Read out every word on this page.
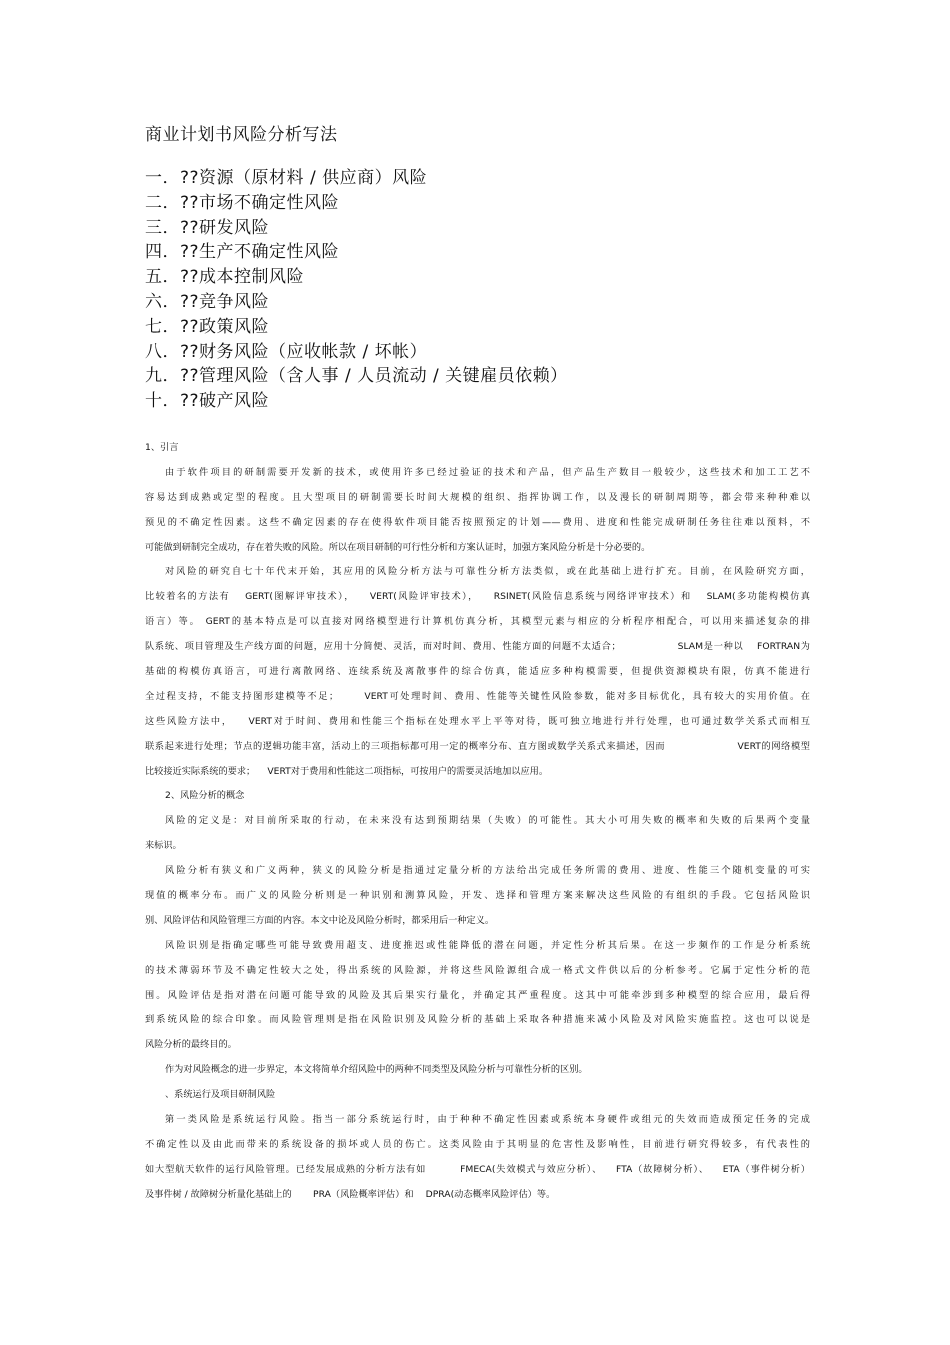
商业计划书风险分析写法
一．??资源（原材料 / 供应商）风险
二．??市场不确定性风险
三．??研发风险
四．??生产不确定性风险
五．??成本控制风险
六．??竞争风险
七．??政策风险
八．??财务风险（应收帐款 / 坏帐）
九．??管理风险（含人事 / 人员流动 / 关键雇员依赖）
十．??破产风险
1、引言
由于软件项目的研制需要开发新的技术，或使用许多已经过验证的技术和产品，但产品生产数目一般较少，这些技术和加工工艺不
容易达到成熟或定型的程度。且大型项目的研制需要长时间大规模的组织、指挥协调工作，以及漫长的研制周期等，都会带来种种难以
预见的不确定性因素。这些不确定因素的存在使得软件项目能否按照预定的计划——费用、进度和性能完成研制任务往往难以预料，不
可能做到研制完全成功，存在着失败的风险。所以在项目研制的可行性分析和方案认证时，加强方案风险分析是十分必要的。
对风险的研究自七十年代末开始，其应用的风险分析方法与可靠性分析方法类似，或在此基础上进行扩充。目前，在风险研究方面，
比较着名的方法有　 GERT(图解评审技术）， 　VERT(风险评审技术）， 　RSINET(风险信息系统与网络评审技术）和 　SLAM(多功能构模仿真
语言）等。 GERT的基本特点是可以直接对网络模型进行计算机仿真分析，其模型元素与相应的分析程序相配合，可以用来描述复杂的排
队系统、项目管理及生产线方面的问题，应用十分简便、灵活，而对时间、费用、性能方面的问题不太适合； 　　　　　 SLAM是一种以 　FORTRAN为
基础的构模仿真语言，可进行离散网络、连续系统及离散事件的综合仿真，能适应多种构模需要，但提供资源模块有限，仿真不能进行
全过程支持，不能支持图形建模等不足； 　　VERT可处理时间、费用、性能等关键性风险参数，能对多目标优化，具有较大的实用价值。在
这些风险方法中， 　VERT对于时间、费用和性能三个指标在处理水平上平等对待，既可独立地进行并行处理，也可通过数学关系式而相互
联系起来进行处理；节点的逻辑功能丰富，活动上的三项指标都可用一定的概率分布、直方图或数学关系式来描述，因而 　　　　　　　VERT的网络模型
比较接近实际系统的要求； 　VERT对于费用和性能这二项指标，可按用户的需要灵活地加以应用。
2、风险分析的概念
风险的定义是：对目前所采取的行动，在未来没有达到预期结果（失败）的可能性。其大小可用失败的概率和失败的后果两个变量
来标识。
风险分析有狭义和广义两种，狭义的风险分析是指通过定量分析的方法给出完成任务所需的费用、进度、性能三个随机变量的可实
现值的概率分布。而广义的风险分析则是一种识别和测算风险，开发、选择和管理方案来解决这些风险的有组织的手段。它包括风险识
别、风险评估和风险管理三方面的内容。本文中论及风险分析时，都采用后一种定义。
风险识别是指确定哪些可能导致费用超支、进度推迟或性能降低的潜在问题，并定性分析其后果。在这一步频作的工作是分析系统
的技术薄弱环节及不确定性较大之处，得出系统的风险源，并将这些风险源组合成一格式文件供以后的分析参考。它属于定性分析的范
围。风险评估是指对潜在问题可能导致的风险及其后果实行量化，并确定其严重程度。这其中可能牵涉到多种模型的综合应用，最后得
到系统风险的综合印象。而风险管理则是指在风险识别及风险分析的基础上采取各种措施来减小风险及对风险实施监控。这也可以说是
风险分析的最终目的。
作为对风险概念的进一步界定，本文将简单介绍风险中的两种不同类型及风险分析与可靠性分析的区别。
、系统运行及项目研制风险
第一类风险是系统运行风险。指当一部分系统运行时，由于种种不确定性因素或系统本身硬件或组元的失效而造成预定任务的完成
不确定性以及由此而带来的系统设备的损坏或人员的伤亡。这类风险由于其明显的危害性及影响性，目前进行研究得较多，有代表性的
如大型航天软件的运行风险管理。已经发展成熟的分析方法有如 　　　FMECA(失效模式与效应分析）、 　FTA（故障树分析）、 　ETA（事件树分析）
及事件树 / 故障树分析量化基础上的 　　PRA（风险概率评估）和 　DPRA(动态概率风险评估）等。
